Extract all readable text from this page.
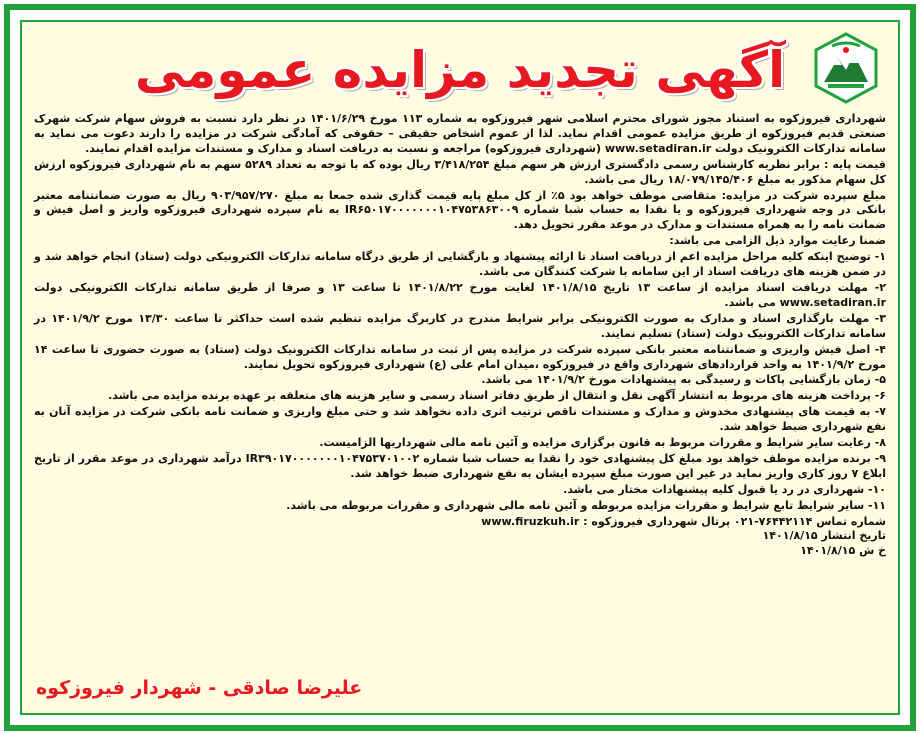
آگهی تجدید مزایده عمومی

شهرداری فیروزکوه به استناد مجوز شورای محترم اسلامی شهر فیروزکوه به شماره ۱۱۳ مورخ ۱۴۰۱/۶/۲۹ در نظر دارد نسبت به فروش سهام شرکت شهرک صنعتی قدیم فیروزکوه از طریق مزایده عمومی اقدام نماید. لذا از عموم اشخاص حقیقی – حقوقی که آمادگی شرکت در مزایده را دارند دعوت می نماید به سامانه تدارکات الکترونیک دولت www.setadiran.ir (شهرداری فیروزکوه) مراجعه و نسبت به دریافت اسناد و مدارک و مستندات مزایده اقدام نمایند.

قیمت پایه : برابر نظریه کارشناس رسمی دادگستری ارزش هر سهم مبلغ ۳/۴۱۸/۲۵۴ ریال بوده که با توجه به تعداد ۵۲۸۹ سهم به نام شهرداری فیروزکوه ارزش کل سهام مذکور به مبلغ ۱۸/۰۷۹/۱۴۵/۴۰۶ ریال می باشد.

مبلغ سپرده شرکت در مزایده: متقاضی موظف خواهد بود ۵٪ از کل مبلغ پایه قیمت گذاری شده جمعا به مبلغ ۹۰۳/۹۵۷/۲۷۰ ریال به صورت ضمانتنامه معتبر بانکی در وجه شهرداری فیروزکوه و یا نقدا به حساب شبا شماره IR۶۵۰۱۷۰۰۰۰۰۰۰۱۰۴۷۵۳۸۶۳۰۰۹ به نام سپرده شهرداری فیروزکوه واریز و اصل فیش و ضمانت نامه را به همراه مستندات و مدارک در موعد مقرر تحویل دهد.

ضمنا رعایت موارد ذیل الزامی می باشد:

۱- توضیح اینکه کلیه مراحل مزایده اعم از دریافت اسناد تا ارائه پیشنهاد و بازگشایی از طریق درگاه سامانه تدارکات الکترونیکی دولت (ستاد) انجام خواهد شد و در ضمن هزینه های دریافت اسناد از این سامانه با شرکت کنندگان می باشد.

۲- مهلت دریافت اسناد مزایده از ساعت ۱۳ تاریخ ۱۴۰۱/۸/۱۵ لغایت مورخ ۱۴۰۱/۸/۲۲ تا ساعت ۱۳ و صرفا از طریق سامانه تدارکات الکترونیکی دولت www.setadiran.ir می باشد.

۳- مهلت بارگذاری اسناد و مدارک به صورت الکترونیکی برابر شرایط مندرج در کاربرگ مزایده تنظیم شده است حداکثر تا ساعت ۱۳/۳۰ مورخ ۱۴۰۱/۹/۲ در سامانه تدارکات الکترونیک دولت (ستاد) تسلیم نمایند.

۴- اصل فیش واریزی و ضمانتنامه معتبر بانکی سپرده شرکت در مزایده پس از ثبت در سامانه تدارکات الکترونیک دولت (ستاد) به صورت حضوری تا ساعت ۱۴ مورخ ۱۴۰۱/۹/۲ به واحد قراردادهای شهرداری واقع در فیروزکوه ،میدان امام علی (ع) شهرداری فیروزکوه تحویل نمایند.

۵- زمان بازگشایی پاکات و رسیدگی به پیشنهادات مورخ ۱۴۰۱/۹/۲ می باشد.

۶- پرداخت هزینه های مربوط به انتشار آگهی نقل و انتقال از طریق دفاتر اسناد رسمی و سایر هزینه های متعلقه بر عهده برنده مزایده می باشد.

۷- به قیمت های پیشنهادی مخدوش و مدارک و مستندات ناقص ترتیب اثری داده نخواهد شد و حتی مبلغ واریزی و ضمانت نامه بانکی شرکت در مزایده آنان به نفع شهرداری ضبط خواهد شد.

۸- رعایت سایر شرایط و مقررات مربوط به قانون برگزاری مزایده و آئین نامه مالی شهرداریها الزامیست.

۹- برنده مزایده موظف خواهد بود مبلغ کل پیشنهادی خود را نقدا به حساب شبا شماره IR۳۹۰۱۷۰۰۰۰۰۰۰۱۰۴۷۵۳۷۰۱۰۰۲ درآمد شهرداری در موعد مقرر از تاریخ ابلاغ ۷ روز کاری واریز نماید در غیر این صورت مبلغ سپرده ایشان به نفع شهرداری ضبط خواهد شد.

۱۰- شهرداری در رد یا قبول کلیه پیشنهادات مختار می باشد.

۱۱- سایر شرایط تابع شرایط و مقررات مزایده مربوطه و آئین نامه مالی شهرداری و مقررات مربوطه می باشد.

شماره تماس ۷۶۴۴۲۱۱۴-۰۲۱ پرتال شهرداری فیروزکوه : www.firuzkuh.ir

تاریخ انتشار ۱۴۰۱/۸/۱۵

خ ش ۱۴۰۱/۸/۱۵

علیرضا صادقی - شهردار فیروزکوه
